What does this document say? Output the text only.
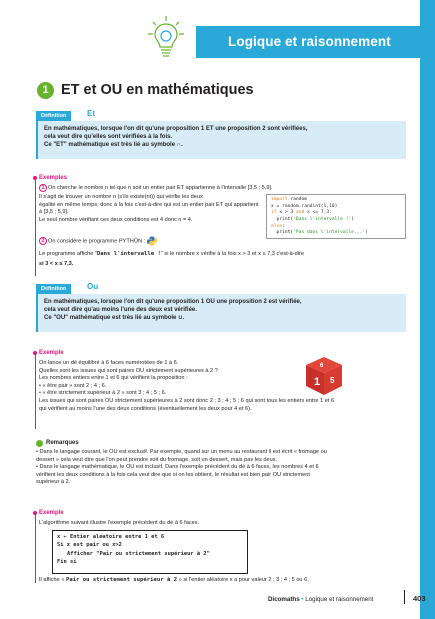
Logique et raisonnement
1 ET et OU en mathématiques
Définition	Et
En mathématiques, lorsque l'on dit qu'une proposition 1 ET une proposition 2 sont vérifiées,
cela veut dire qu'elles sont vérifiées à la fois.
Ce "ET" mathématique est très lié au symbole ∩.
Exemples
1 On cherche le nombre n tel que n soit un entier pair ET appartienne à l'intervalle [3,5 ; 5,9].
Il s'agit de trouver un nombre n (s'ils existe(nt)) qui vérifie les deux
égalité en même temps, donc à la fois c'est-à-dire qui est un entier pair ET qui appartient
à [3,5 ; 5,9].
Le seul nombre vérifiant ces deux conditions est 4 donc n = 4.
import random
x = random.randint(1,10)
if x > 3 and x <= 7.3:
print('Dans l'intervalle !')
else:
print('Pas dans l'intervalle...')
2 On considère le programme PYTHON :
Le programme affiche "Dans l'intervalle !" si le nombre x vérifie à la fois x > 3 et x ≤ 7,3 c'est-à-dire
si 3 < x ≤ 7,3.
Définition	Ou
En mathématiques, lorsque l'on dit qu'une proposition 1 OU une proposition 2 est vérifiée,
cela veut dire qu'au moins l'une des deux est vérifiée.
Ce "OU" mathématique est très lié au symbole ∪.
Exemple
On lance un dé équilibré à 6 faces numérotées de 1 à 6.
Quelles sont les issues qui sont paires OU strictement supérieures à 2 ?
Les nombres entiers entre 1 et 6 qui vérifient la proposition :
• « être pair » sont 2 ; 4 ; 6.
• « être strictement supérieur à 2 » sont 3 ; 4 ; 5 ; 6.
Les issues qui sont paires OU strictement supérieures à 2 sont donc 2 ; 3 ; 4 ; 5 ; 6 qui sont tous les entiers entre 1 et 6
qui vérifient au moins l'une des deux conditions (éventuellement les deux pour 4 et 6).
1 5
6
Remarques
• Dans le langage courant, le OU est exclusif. Par exemple, quand sur un menu au restaurant il est écrit « fromage ou
dessert » cela veut dire que l'on peut prendre soit du fromage, soit un dessert, mais pas les deux.
• Dans le langage mathématique, le OU est inclusif. Dans l'exemple précédent du dé à 6 faces, les nombres 4 et 6
vérifient les deux conditions à la fois cela veut dire que si on les obtient, le résultat est bien pair OU strictement
supérieur à 2.
Exemple
L'algorithme suivant illustre l'exemple précédent du dé à 6 faces.
x ← Entier aléatoire entre 1 et 6
Si x est pair ou x>2
Afficher "Pair ou strictement supérieur à 2"
Fin si
Il affiche « Pair ou strictement supérieur à 2 » si l'entier aléatoire x a pour valeur 2 ; 3 ; 4 ; 5 ou 6.
Dicomaths • Logique et raisonnement	403
